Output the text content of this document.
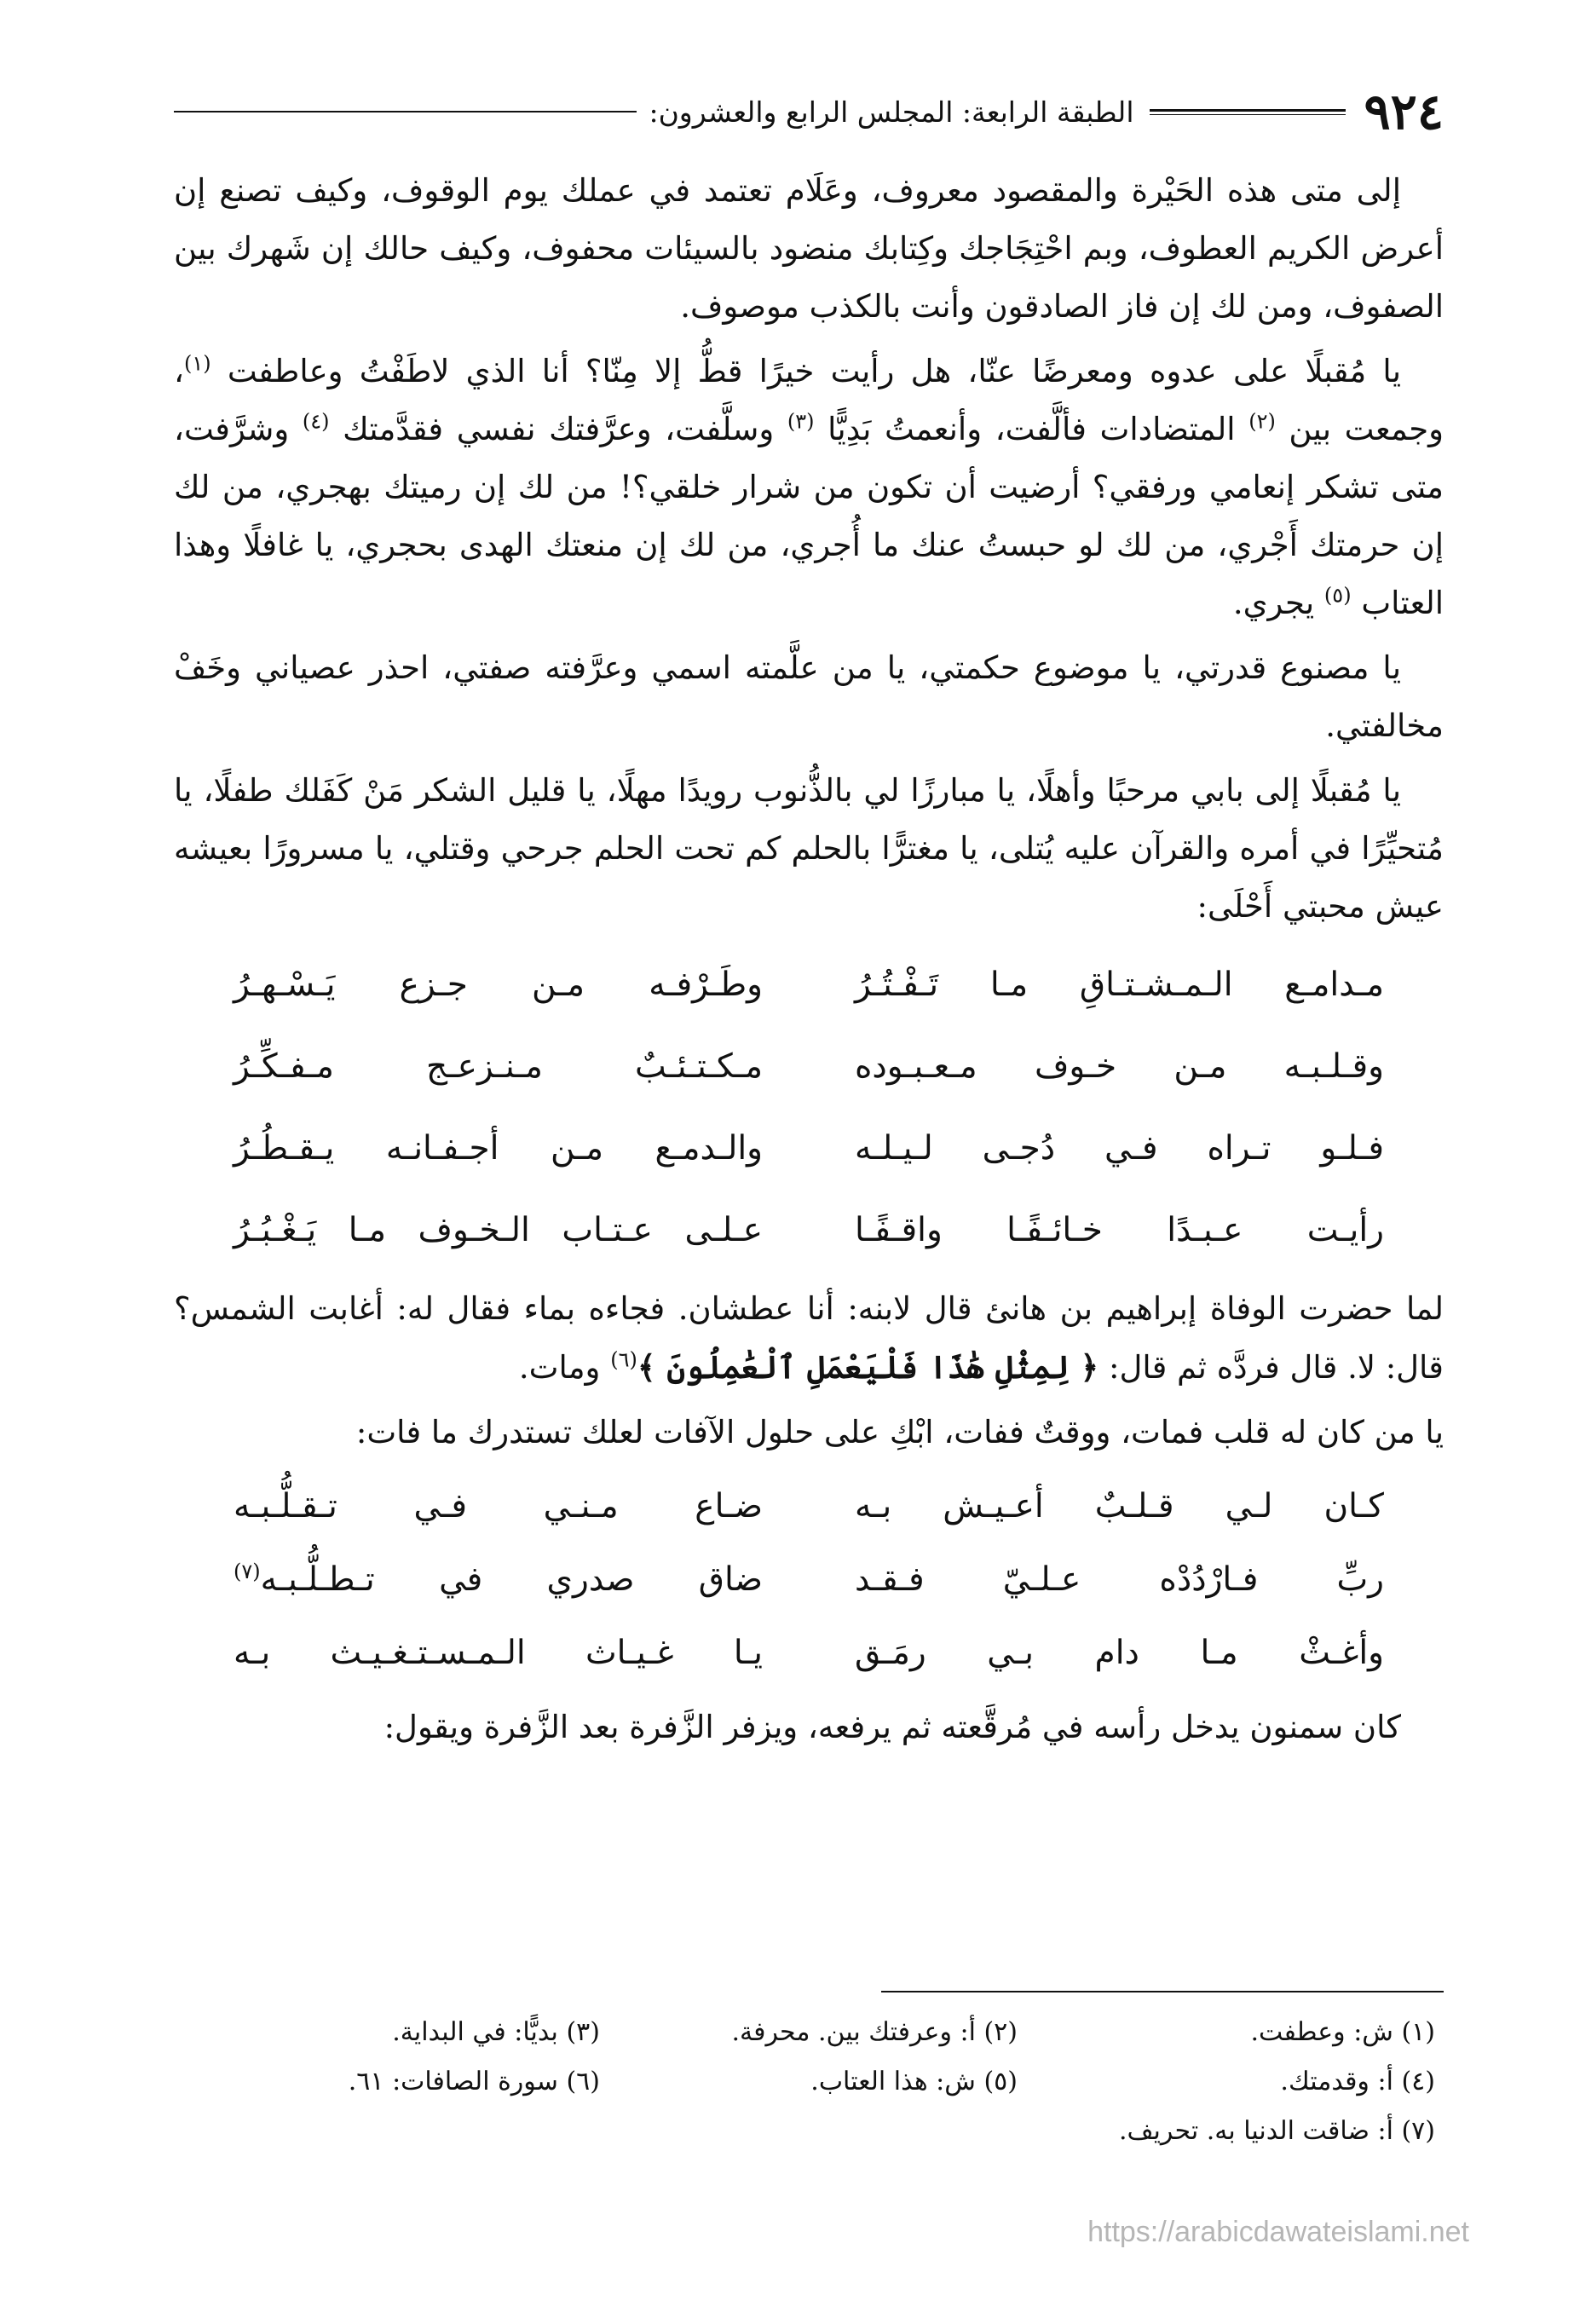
٩٢٤
الطبقة الرابعة: المجلس الرابع والعشرون:

إلى متى هذه الحَيْرة والمقصود معروف، وعَلَام تعتمد في عملك يوم الوقوف، وكيف تصنع إن أعرض الكريم العطوف، وبم احْتِجَاجك وكِتابك منضود بالسيئات محفوف، وكيف حالك إن شَهرك بين الصفوف، ومن لك إن فاز الصادقون وأنت بالكذب موصوف.

يا مُقبلًا على عدوه ومعرضًا عنّا، هل رأيت خيرًا قطُّ إلا مِنّا؟ أنا الذي لاطَفْتُ وعاطفت $^{(١)}$، وجمعت بين $^{(٢)}$ المتضادات فألَّفت، وأنعمتُ بَدِيًّا $^{(٣)}$ وسلَّفت، وعرَّفتك نفسي فقدَّمتك $^{(٤)}$ وشرَّفت، متى تشكر إنعامي ورفقي؟ أرضيت أن تكون من شرار خلقي؟! من لك إن رميتك بهجري، من لك إن حرمتك أَجْري، من لك لو حبستُ عنك ما أُجري، من لك إن منعتك الهدى بحجري، يا غافلًا وهذا العتاب $^{(٥)}$ يجري.

يا مصنوع قدرتي، يا موضوع حكمتي، يا من علَّمته اسمي وعرَّفته صفتي، احذر عصياني وخَفْ مخالفتي.

يا مُقبلًا إلى بابي مرحبًا وأهلًا، يا مبارزًا لي بالذُّنوب رويدًا مهلًا، يا قليل الشكر مَنْ كَفَلك طفلًا، يا مُتحيِّرًا في أمره والقرآن عليه يُتلى، يا مغترًّا بالحلم كم تحت الحلم جرحي وقتلي، يا مسرورًا بعيشه عيش محبتي أَحْلَى:

مـدامـع الـمـشـتـاقِ مـا تَـفْـتُـرُ
وطَـرْفـه مـن جـزع يَـسْـهـرُ
وقـلـبـه مـن خـوف مـعـبـوده
مـكـتـئـبٌ مـنـزعـج مـفـكِّـرُ
فـلـو تـراه فـي دُجـى لـيـلـه
والـدمـع مـن أجـفـانـه يـقـطُـرُ
رأيـت عـبـدًا خـائـفًـا واقـفًـا
عـلـى عـتـاب الـخـوف مـا يَـغْـبُـرُ

لما حضرت الوفاة إبراهيم بن هانئ قال لابنه: أنا عطشان. فجاءه بماء فقال له: أغابت الشمس؟ قال: لا. قال فردَّه ثم قال: ﴿ لِمِثْلِ هَٰذَا فَلْيَعْمَلِ ٱلْعَٰمِلُونَ ﴾$^{(٦)}$ ومات.

يا من كان له قلب فمات، ووقتٌ ففات، ابْكِ على حلول الآفات لعلك تستدرك ما فات:

كـان لـي قـلـبٌ أعـيـش بـه
ضـاع مـنـي فـي تـقـلُّـبـه
ربِّ فـارْدُدْه عـلـيّ فـقـد
ضاق صدري في تـطـلُّـبـه$^{(٧)}$
وأغـثْ مـا دام بـي رمَـق
يـا غـيـاث الـمـسـتـغـيـث بـه

كان سمنون يدخل رأسه في مُرقَّعته ثم يرفعه، ويزفر الزَّفرة بعد الزَّفرة ويقول:

(١) ش: وعطفت.
(٢) أ: وعرفتك بين. محرفة.
(٣) بديًّا: في البداية.
(٤) أ: وقدمتك.
(٥) ش: هذا العتاب.
(٦) سورة الصافات: ٦١.
(٧) أ: ضاقت الدنيا به. تحريف.
https://arabicdawateislami.net
